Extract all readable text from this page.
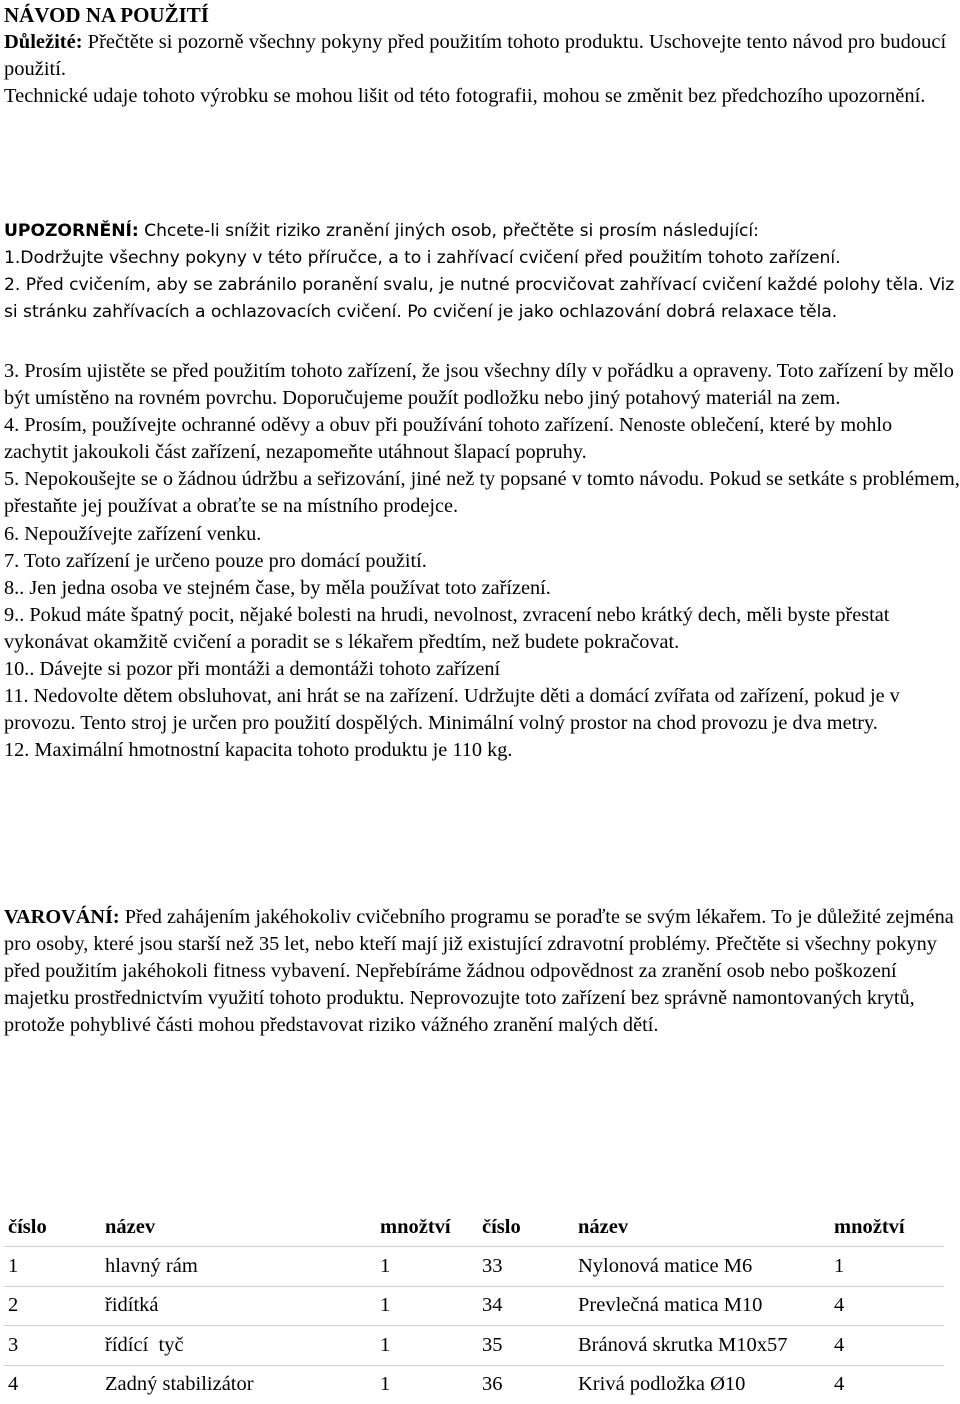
NÁVOD NA POUŽITÍ

Důležité: Přečtěte si pozorně všechny pokyny před použitím tohoto produktu. Uschovejte tento návod pro budoucí použití.

Technické udaje tohoto výrobku se mohou lišit od této fotografii, mohou se změnit bez předchozího upozornění.

UPOZORNĚNÍ: Chcete-li snížit riziko zranění jiných osob, přečtěte si prosím následující:

1.Dodržujte všechny pokyny v této příručce, a to i zahřívací cvičení před použitím tohoto zařízení.

2. Před cvičením, aby se zabránilo poranění svalu, je nutné procvičovat zahřívací cvičení každé polohy těla. Viz si stránku zahřívacích a ochlazovacích cvičení. Po cvičení je jako ochlazování dobrá relaxace těla.

3. Prosím ujistěte se před použitím tohoto zařízení, že jsou všechny díly v pořádku a opraveny. Toto zařízení by mělo být umístěno na rovném povrchu. Doporučujeme použít podložku nebo jiný potahový materiál na zem.

4. Prosím, používejte ochranné oděvy a obuv při používání tohoto zařízení. Nenoste oblečení, které by mohlo zachytit jakoukoli část zařízení, nezapomeňte utáhnout šlapací popruhy.

5. Nepokoušejte se o žádnou údržbu a seřizování, jiné než ty popsané v tomto návodu. Pokud se setkáte s problémem, přestaňte jej používat a obraťte se na místního prodejce.

6. Nepoužívejte zařízení venku.

7. Toto zařízení je určeno pouze pro domácí použití.

8.. Jen jedna osoba ve stejném čase, by měla používat toto zařízení.

9.. Pokud máte špatný pocit, nějaké bolesti na hrudi, nevolnost, zvracení nebo krátký dech, měli byste přestat vykonávat okamžitě cvičení a poradit se s lékařem předtím, než budete pokračovat.

10.. Dávejte si pozor při montáži a demontáži tohoto zařízení

11. Nedovolte dětem obsluhovat, ani hrát se na zařízení. Udržujte děti a domácí zvířata od zařízení, pokud je v provozu. Tento stroj je určen pro použití dospělých. Minimální volný prostor na chod provozu je dva metry.

12. Maximální hmotnostní kapacita tohoto produktu je 110 kg.

VAROVÁNÍ: Před zahájením jakéhokoliv cvičebního programu se poraďte se svým lékařem. To je důležité zejména pro osoby, které jsou starší než 35 let, nebo kteří mají již existující zdravotní problémy. Přečtěte si všechny pokyny před použitím jakéhokoli fitness vybavení. Nepřebíráme žádnou odpovědnost za zranění osob nebo poškození majetku prostřednictvím využití tohoto produktu. Neprovozujte toto zařízení bez správně namontovaných krytů, protože pohyblivé části mohou představovat riziko vážného zranění malých dětí.

číslo	název	množtví	číslo	název	množtví
1	hlavný rám	1	33	Nylonová matice M6	1
2	řidítká	1	34	Prevlečná matica M10	4
3	řídící  tyč	1	35	Bránová skrutka M10x57	4
4	Zadný stabilizátor	1	36	Krivá podložka Ø10	4
